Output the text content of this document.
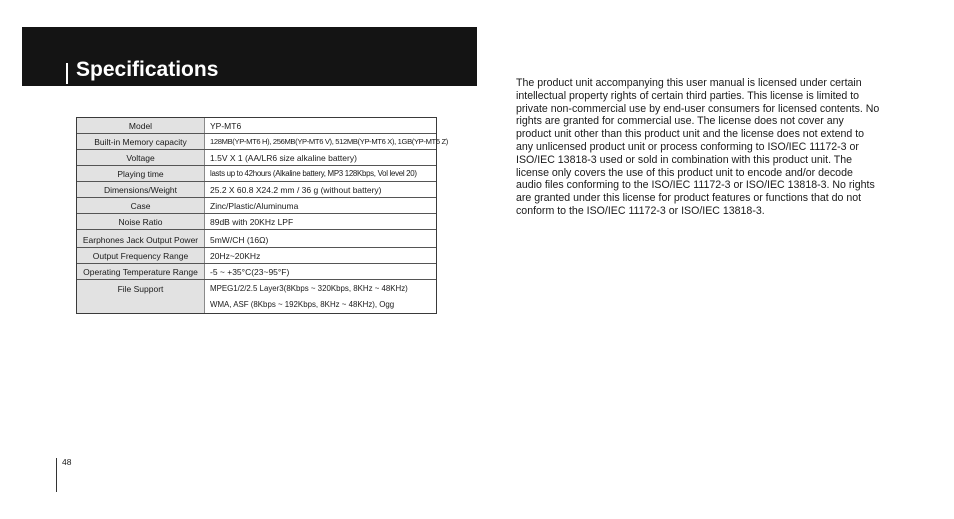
Specifications
Model	YP-MT6
Built-in Memory capacity	128MB(YP-MT6 H), 256MB(YP-MT6 V), 512MB(YP-MT6 X), 1GB(YP-MT6 Z)
Voltage	1.5V X 1 (AA/LR6 size alkaline battery)
Playing time	lasts up to 42hours (Alkaline battery, MP3 128Kbps, Vol level 20)
Dimensions/Weight	25.2 X 60.8 X24.2 mm / 36 g (without battery)
Case	Zinc/Plastic/Aluminuma
Noise Ratio	89dB with 20KHz LPF
Earphones Jack Output Power	5mW/CH (16Ω)
Output Frequency Range	20Hz~20KHz
Operating Temperature Range	-5 ~ +35°C(23~95°F)
File Support	MPEG1/2/2.5 Layer3(8Kbps ~ 320Kbps, 8KHz ~ 48KHz)
WMA, ASF (8Kbps ~ 192Kbps, 8KHz ~ 48KHz), Ogg

The product unit accompanying this user manual is licensed under certain intellectual property rights of certain third parties. This license is limited to private non-commercial use by end-user consumers for licensed contents. No rights are granted for commercial use. The license does not cover any product unit other than this product unit and the license does not extend to any unlicensed product unit or process conforming to ISO/IEC 11172-3 or ISO/IEC 13818-3 used or sold in combination with this product unit. The license only covers the use of this product unit to encode and/or decode audio files conforming to the ISO/IEC 11172-3 or ISO/IEC 13818-3. No rights are granted under this license for product features or functions that do not conform to the ISO/IEC 11172-3 or ISO/IEC 13818-3.

48
